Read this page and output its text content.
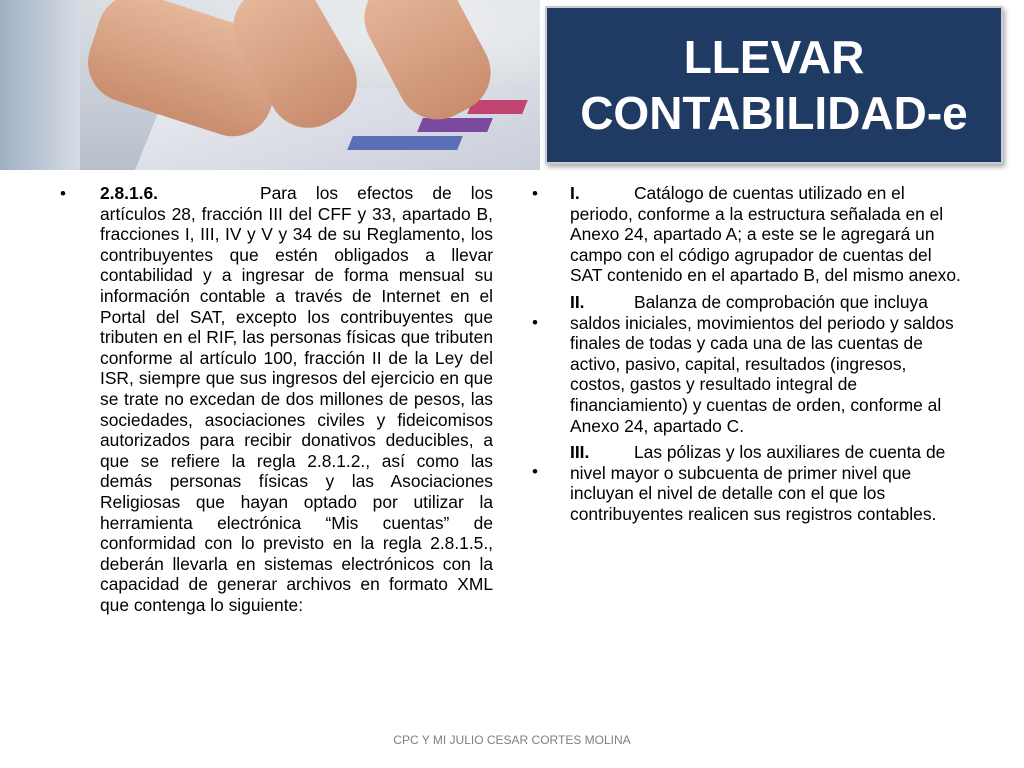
LLEVAR
CONTABILIDAD-e
• 2.8.1.6.	Para los efectos de los artículos 28, fracción III del CFF y 33, apartado B, fracciones I, III, IV y V y 34 de su Reglamento, los contribuyentes que estén obligados a llevar contabilidad y a ingresar de forma mensual su información contable a través de Internet en el Portal del SAT, excepto los contribuyentes que tributen en el RIF, las personas físicas que tributen conforme al artículo 100, fracción II de la Ley del ISR, siempre que sus ingresos del ejercicio en que se trate no excedan de dos millones de pesos, las sociedades, asociaciones civiles y fideicomisos autorizados para recibir donativos deducibles, a que se refiere la regla 2.8.1.2., así como las demás personas físicas y las Asociaciones Religiosas que hayan optado por utilizar la herramienta electrónica “Mis cuentas” de conformidad con lo previsto en la regla 2.8.1.5., deberán llevarla en sistemas electrónicos con la capacidad de generar archivos en formato XML que contenga lo siguiente:
•
•
•
I.	Catálogo de cuentas utilizado en el periodo, conforme a la estructura señalada en el Anexo 24, apartado A; a este se le agregará un campo con el código agrupador de cuentas del SAT contenido en el apartado B, del mismo anexo.
II.	Balanza de comprobación que incluya saldos iniciales, movimientos del periodo y saldos finales de todas y cada una de las cuentas de activo, pasivo, capital, resultados (ingresos, costos, gastos y resultado integral de financiamiento) y cuentas de orden, conforme al Anexo 24, apartado C.
III.	Las pólizas y los auxiliares de cuenta de nivel mayor o subcuenta de primer nivel que incluyan el nivel de detalle con el que los contribuyentes realicen sus registros contables.
CPC Y MI JULIO CESAR CORTES MOLINA
